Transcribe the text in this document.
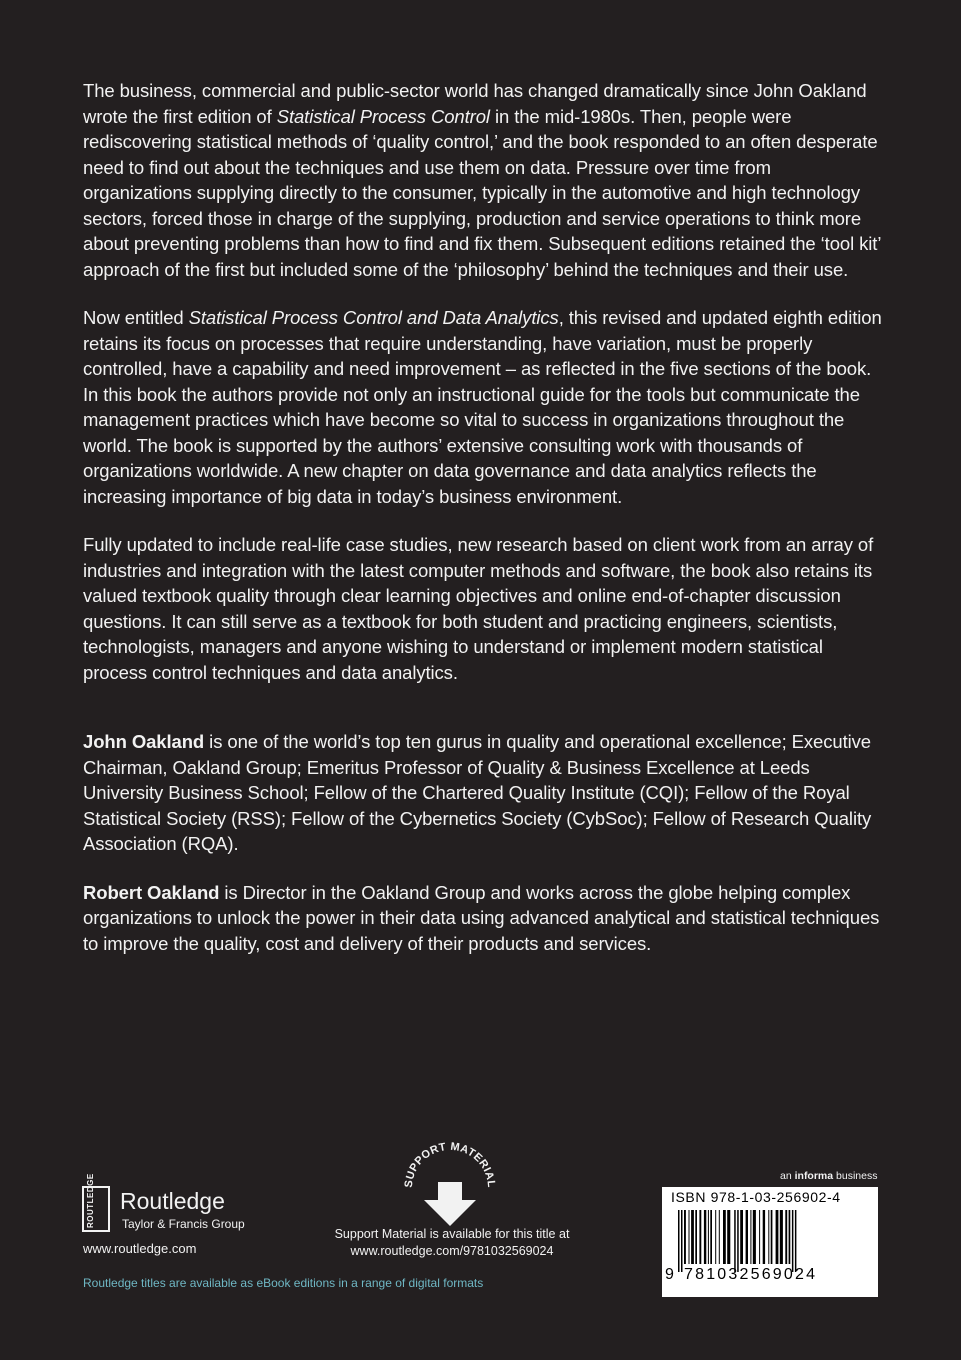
The business, commercial and public-sector world has changed dramatically since John Oakland wrote the first edition of Statistical Process Control in the mid-1980s. Then, people were rediscovering statistical methods of ‘quality control,’ and the book responded to an often desperate need to find out about the techniques and use them on data. Pressure over time from organizations supplying directly to the consumer, typically in the automotive and high technology sectors, forced those in charge of the supplying, production and service operations to think more about preventing problems than how to find and fix them. Subsequent editions retained the ‘tool kit’ approach of the first but included some of the ‘philosophy’ behind the techniques and their use.

Now entitled Statistical Process Control and Data Analytics, this revised and updated eighth edition retains its focus on processes that require understanding, have variation, must be properly controlled, have a capability and need improvement – as reflected in the five sections of the book. In this book the authors provide not only an instructional guide for the tools but communicate the management practices which have become so vital to success in organizations throughout the world. The book is supported by the authors’ extensive consulting work with thousands of organizations worldwide. A new chapter on data governance and data analytics reflects the increasing importance of big data in today’s business environment.

Fully updated to include real-life case studies, new research based on client work from an array of industries and integration with the latest computer methods and software, the book also retains its valued textbook quality through clear learning objectives and online end-of-chapter discussion questions. It can still serve as a textbook for both student and practicing engineers, scientists, technologists, managers and anyone wishing to understand or implement modern statistical process control techniques and data analytics.

John Oakland is one of the world’s top ten gurus in quality and operational excellence; Executive Chairman, Oakland Group; Emeritus Professor of Quality & Business Excellence at Leeds University Business School; Fellow of the Chartered Quality Institute (CQI); Fellow of the Royal Statistical Society (RSS); Fellow of the Cybernetics Society (CybSoc); Fellow of Research Quality Association (RQA).

Robert Oakland is Director in the Oakland Group and works across the globe helping complex organizations to unlock the power in their data using advanced analytical and statistical techniques to improve the quality, cost and delivery of their products and services.

ROUTLEDGE Routledge
Taylor & Francis Group
www.routledge.com
Routledge titles are available as eBook editions in a range of digital formats
SUPPORT MATERIAL
Support Material is available for this title at
www.routledge.com/9781032569024
an informa business
ISBN 978-1-03-256902-4
9 781032569024
